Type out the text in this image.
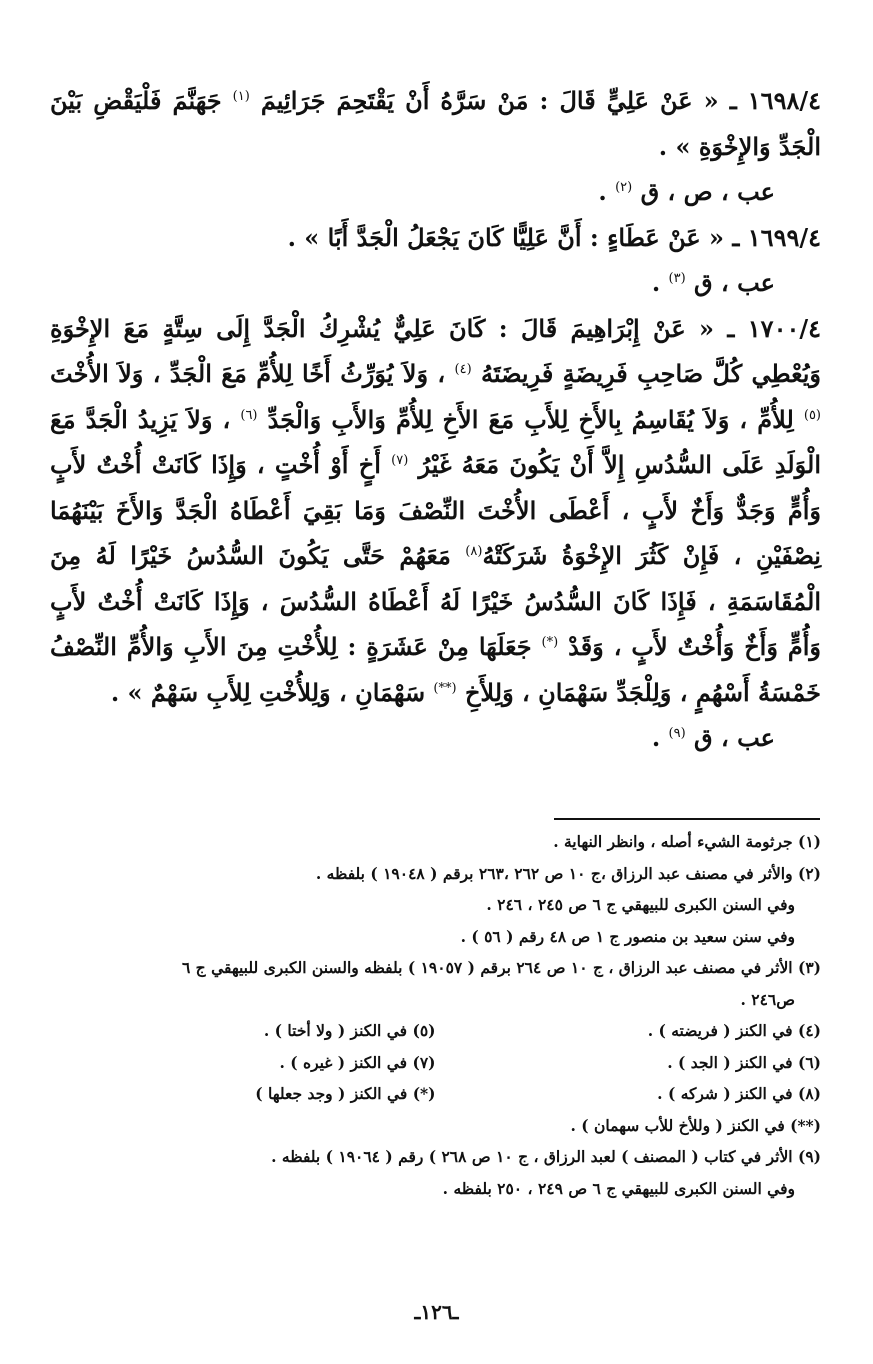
١٦٩٨/٤ ـ « عَنْ عَلِيٍّ قَالَ : مَنْ سَرَّهُ أَنْ يَقْتَحِمَ جَرَائِيمَ $^{(١)}$ جَهَنَّمَ فَلْيَقْضِ بَيْنَ الْجَدِّ وَالإِخْوَةِ » .

عب ، ص ، ق $^{(٢)}$ .

١٦٩٩/٤ ـ « عَنْ عَطَاءٍ : أَنَّ عَلِيًّا كَانَ يَجْعَلُ الْجَدَّ أَبًا » .

عب ، ق $^{(٣)}$ .

١٧٠٠/٤ ـ « عَنْ إِبْرَاهِيمَ قَالَ : كَانَ عَلِيٌّ يُشْرِكُ الْجَدَّ إِلَى سِتَّةٍ مَعَ الإِخْوَةِ وَيُعْطِي كُلَّ صَاحِبِ فَرِيضَةٍ فَرِيضَتَهُ $^{(٤)}$ ، وَلاَ يُوَرِّثُ أَخًا لِلأُمِّ مَعَ الْجَدِّ ، وَلاَ الأُخْتَ $^{(٥)}$ لِلأُمِّ ، وَلاَ يُقَاسِمُ بِالأَخِ لِلأَبِ مَعَ الأَخِ لِلأُمِّ وَالأَبِ وَالْجَدِّ $^{(٦)}$ ، وَلاَ يَزِيدُ الْجَدَّ مَعَ الْوَلَدِ عَلَى السُّدُسِ إِلاَّ أَنْ يَكُونَ مَعَهُ غَيْرُ $^{(٧)}$ أَخٍ أَوْ أُخْتٍ ، وَإِذَا كَانَتْ أُخْتٌ لأَبٍ وَأُمٍّ وَجَدٌّ وَأَخٌ لأَبٍ ، أَعْطَى الأُخْتَ النِّصْفَ وَمَا بَقِيَ أَعْطَاهُ الْجَدَّ وَالأَخَ بَيْنَهُمَا نِصْفَيْنِ ، فَإِنْ كَثُرَ الإِخْوَةُ شَرَكَتْهُ$^{(٨)}$ مَعَهُمْ حَتَّى يَكُونَ السُّدُسُ خَيْرًا لَهُ مِنَ الْمُقَاسَمَةِ ، فَإِذَا كَانَ السُّدُسُ خَيْرًا لَهُ أَعْطَاهُ السُّدُسَ ، وَإِذَا كَانَتْ أُخْتٌ لأَبٍ وَأُمٍّ وَأَخٌ وَأُخْتٌ لأَبٍ ، وَقَدْ (*) جَعَلَهَا مِنْ عَشَرَةٍ : لِلأُخْتِ مِنَ الأَبِ وَالأُمِّ النِّصْفُ خَمْسَةُ أَسْهُمٍ ، وَلِلْجَدِّ سَهْمَانِ ، وَلِلأَخِ (**) سَهْمَانِ ، وَلِلأُخْتِ لِلأَبِ سَهْمٌ » .

عب ، ق $^{(٩)}$ .

(١) جرثومة الشيء أصله ، وانظر النهاية .
(٢) والأثر في مصنف عبد الرزاق ،ج ١٠ ص ٢٦٢ ،٢٦٣ برقم ( ١٩٠٤٨ ) بلفظه .
وفي السنن الكبرى للبيهقي ج ٦ ص ٢٤٥ ، ٢٤٦ .
وفي سنن سعيد بن منصور ج ١ ص ٤٨ رقم ( ٥٦ ) .
(٣) الأثر في مصنف عبد الرزاق ، ج ١٠ ص ٢٦٤ برقم ( ١٩٠٥٧ ) بلفظه والسنن الكبرى للبيهقي ج ٦
ص٢٤٦ .
(٤) في الكنز ( فريضته ) .
(٥) في الكنز ( ولا أختا ) .
(٦) في الكنز ( الجد ) .
(٧) في الكنز ( غيره ) .
(٨) في الكنز ( شركه ) .
(*) في الكنز ( وجد جعلها )
(**) في الكنز ( وللأخ للأب سهمان ) .
(٩) الأثر في كتاب ( المصنف ) لعبد الرزاق ، ج ١٠ ص ٢٦٨ ) رقم ( ١٩٠٦٤ ) بلفظه .
وفي السنن الكبرى للبيهقي ج ٦ ص ٢٤٩ ، ٢٥٠ بلفظه .
ـ١٢٦ـ
